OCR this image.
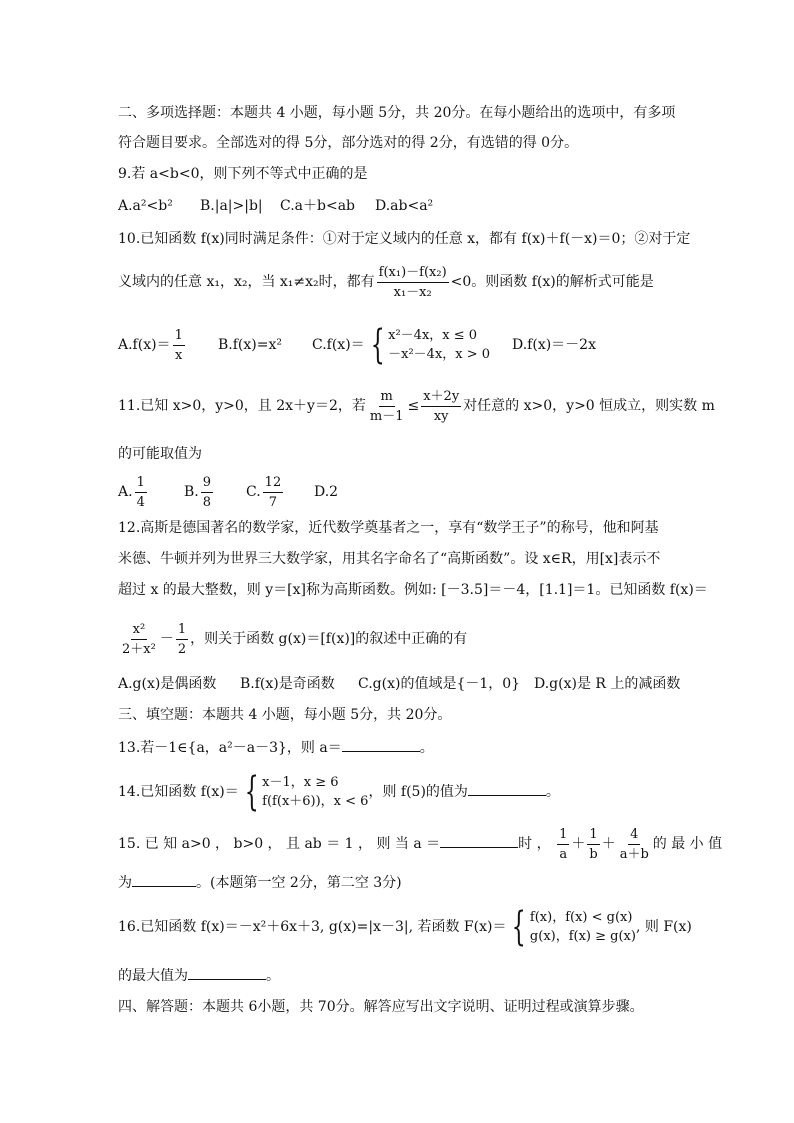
二、多项选择题：本题共 4 小题，每小题 5分，共 20分。在每小题给出的选项中，有多项
符合题目要求。全部选对的得 5分，部分选对的得 2分，有选错的得 0分。
9.若 a<b<0，则下列不等式中正确的是
A.a²<b² B.|a|>|b| C.a＋b<ab D.ab<a²
10.已知函数 f(x)同时满足条件：①对于定义域内的任意 x，都有 f(x)＋f(－x)＝0；②对于定
义域内的任意 x₁，x₂，当 x₁≠x₂时，都有 $\frac{\text{f(x₁)－f(x₂)}}{\text{x₁－x₂}} <0$。则函数 f(x)的解析式可能是
$A.f(x)= \frac{1}{x} B.f(x)=x^2$ C.f(x)＝ { x²－4x，x ≤ 0
－x²－4x，x > 0
D.f(x)＝－2x
11.已知 x>0，y>0，且 2x＋y＝2，若 $\frac{m}{m-1} \le \frac{x+2y}{xy}$ 对任意的 x>0，y>0 恒成立，则实数 m
的可能取值为
A. $\frac{1}{4}$	B. $\frac{9}{8} C$. $\frac{12}{7} D.2$
12.高斯是德国著名的数学家，近代数学奠基者之一，享有“数学王子”的称号，他和阿基
米德、牛顿并列为世界三大数学家，用其名字命名了“高斯函数”。设 x∈R，用[x]表示不
超过 x 的最大整数，则 y＝[x]称为高斯函数。例如: [－3.5]＝－4，[1.1]＝1。已知函数 f(x)＝
$\frac{\text{x²}}{\text{2＋x²}} - \frac{1}{2}$ ，则关于函数 g(x)＝[f(x)]的叙述中正确的有
A.g(x)是偶函数 B.f(x)是奇函数 C.g(x)的值域是{－1，0} D.g(x)是 R 上的减函数
三、填空题：本题共 4 小题，每小题 5分，共 20分。
13.若－1∈{a，a²－a－3}，则 a＝	。
14.已知函数 f(x)＝ { x－1，x ≥ 6
f(f(x＋6))，x < 6
，则 f(5)的值为	。
15. 已 知 a>0 ， b>0 ， 且 ab ＝ 1 ， 则 当 a ＝	时 ， $\frac{1}{a} + \frac{1}{b} + \frac{4}{a+b}$ 的 最 小 值
为	。(本题第一空 2分，第二空 3分)
16.已知函数 f(x)＝－x²＋6x＋3, g(x)=|x－3|, 若函数 F(x)＝ { f(x)，f(x) < g(x)
g(x)，f(x) ≥ g(x)
, 则 F(x)
的最大值为	。
四、解答题：本题共 6小题，共 70分。解答应写出文字说明、证明过程或演算步骤。
